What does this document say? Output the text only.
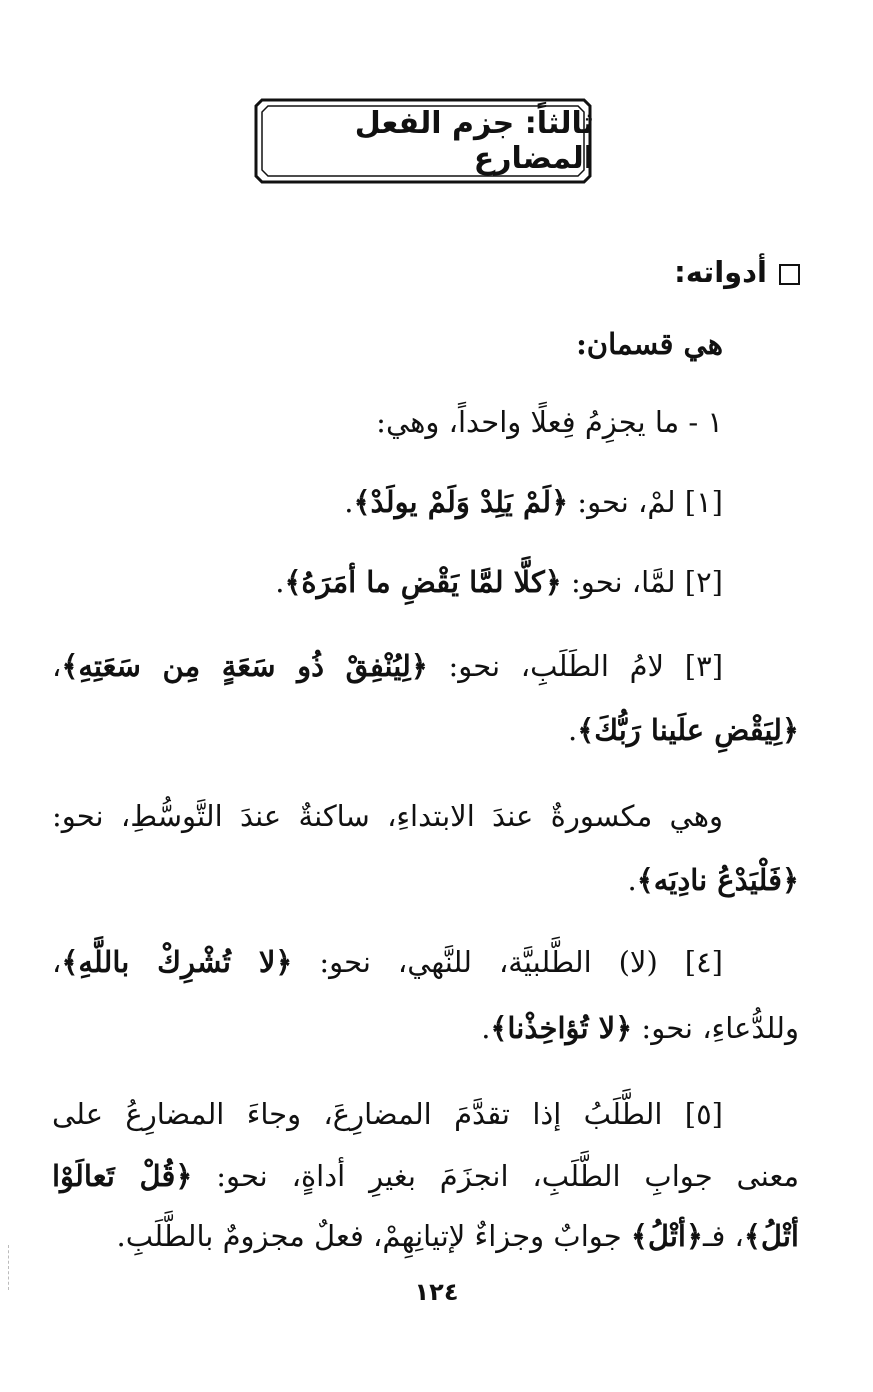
ثالثاً: جزم الفعل المضارع
أدواته:
هي قسمان:
١ - ما يجزِمُ فِعلًا واحداً، وهي:
[١] لمْ، نحو: ﴿لَمْ يَلِدْ وَلَمْ يولَدْ﴾.
[٢] لمَّا، نحو: ﴿كلَّا لمَّا يَقْضِ ما أمَرَهُ﴾.
[٣] لامُ الطَلَبِ، نحو: ﴿لِيُنْفِقْ ذُو سَعَةٍ مِن سَعَتِهِ﴾،
﴿لِيَقْضِ علَينا رَبُّكَ﴾.
وهي مكسورةٌ عندَ الابتداءِ، ساكنةٌ عندَ التَّوسُّطِ، نحو:
﴿فَلْيَدْعُ نادِيَه﴾.
[٤] (لا) الطَّلبيَّة، للنَّهي، نحو: ﴿لا تُشْرِكْ باللَّهِ﴾،
وللدُّعاءِ، نحو: ﴿لا تُؤاخِذْنا﴾.
[٥] الطَّلَبُ إذا تقدَّمَ المضارِعَ، وجاءَ المضارِعُ على
معنى جوابِ الطَّلَبِ، انجزَمَ بغيرِ أداةٍ، نحو: ﴿قُلْ تَعالَوْا
أتْلُ﴾، فـ﴿أتْلُ﴾ جوابٌ وجزاءٌ لإتيانِهِمْ، فعلٌ مجزومٌ بالطَّلَبِ.
١٢٤
